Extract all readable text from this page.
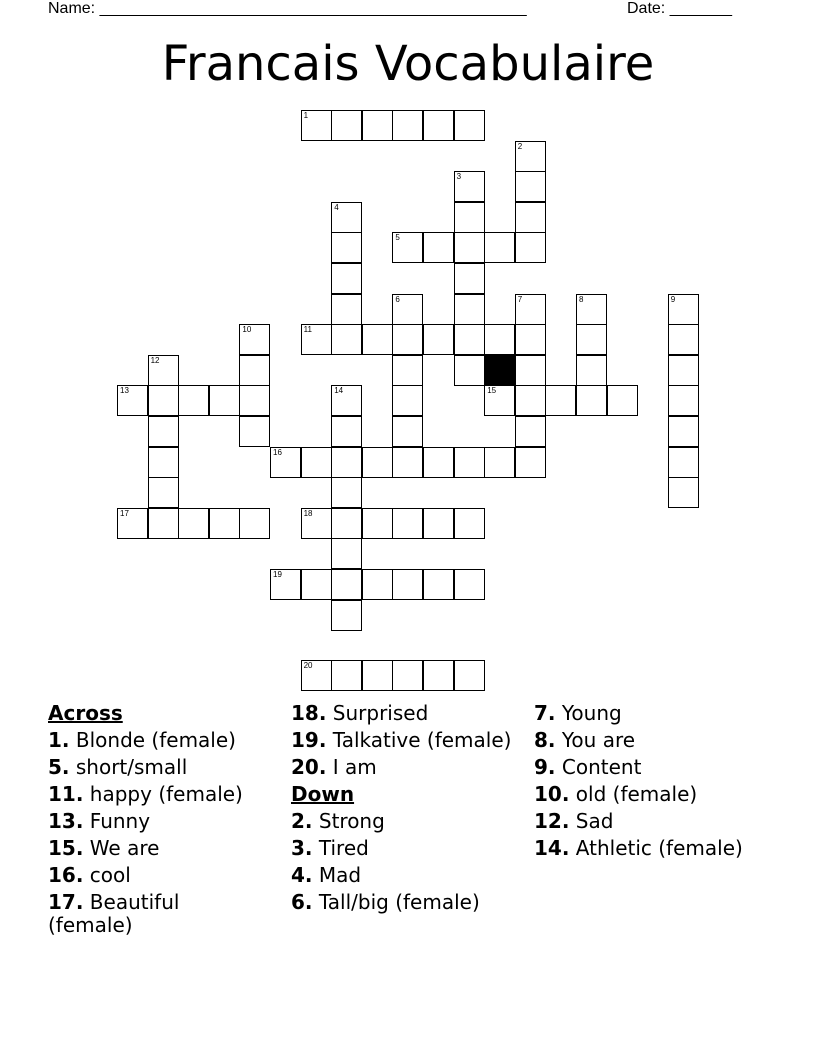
Name: ________________________________________________	Date: _______
Francais Vocabulaire
1
2
3
4
5
6	7	8	9
10	11
12
13	14	15
16
17	18
19
20
Across
1. Blonde (female)
5. short/small
11. happy (female)
13. Funny
15. We are
16. cool
17. Beautiful (female)
18. Surprised
19. Talkative (female)
20. I am
Down
2. Strong
3. Tired
4. Mad
6. Tall/big (female)
7. Young
8. You are
9. Content
10. old (female)
12. Sad
14. Athletic (female)
